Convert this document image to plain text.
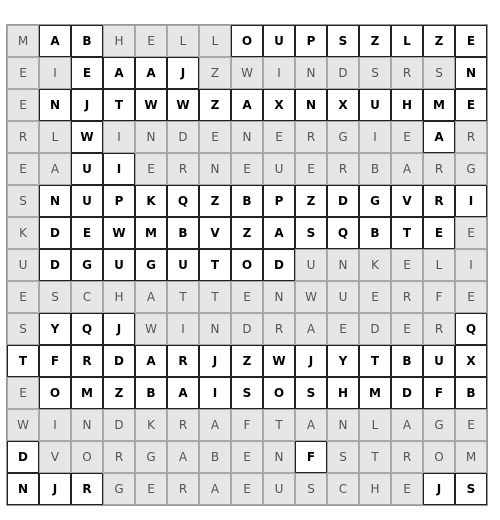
M	A	B	H	E	L	L	O	U	P	S	Z	L	Z	E
E	I	E	A	A	J	Z	W	I	N	D	S	R	S	N
E	N	J	T	W	W	Z	A	X	N	X	U	H	M	E
R	L	W	I	N	D	E	N	E	R	G	I	E	A	R
E	A	U	I	E	R	N	E	U	E	R	B	A	R	G
S	N	U	P	K	Q	Z	B	P	Z	D	G	V	R	I
K	D	E	W	M	B	V	Z	A	S	Q	B	T	E	E
U	D	G	U	G	U	T	O	D	U	N	K	E	L	I
E	S	C	H	A	T	T	E	N	W	U	E	R	F	E
S	Y	Q	J	W	I	N	D	R	A	E	D	E	R	Q
T	F	R	D	A	R	J	Z	W	J	Y	T	B	U	X
E	O	M	Z	B	A	I	S	O	S	H	M	D	F	B
W	I	N	D	K	R	A	F	T	A	N	L	A	G	E
D	V	O	R	G	A	B	E	N	F	S	T	R	O	M
N	J	R	G	E	R	A	E	U	S	C	H	E	J	S
